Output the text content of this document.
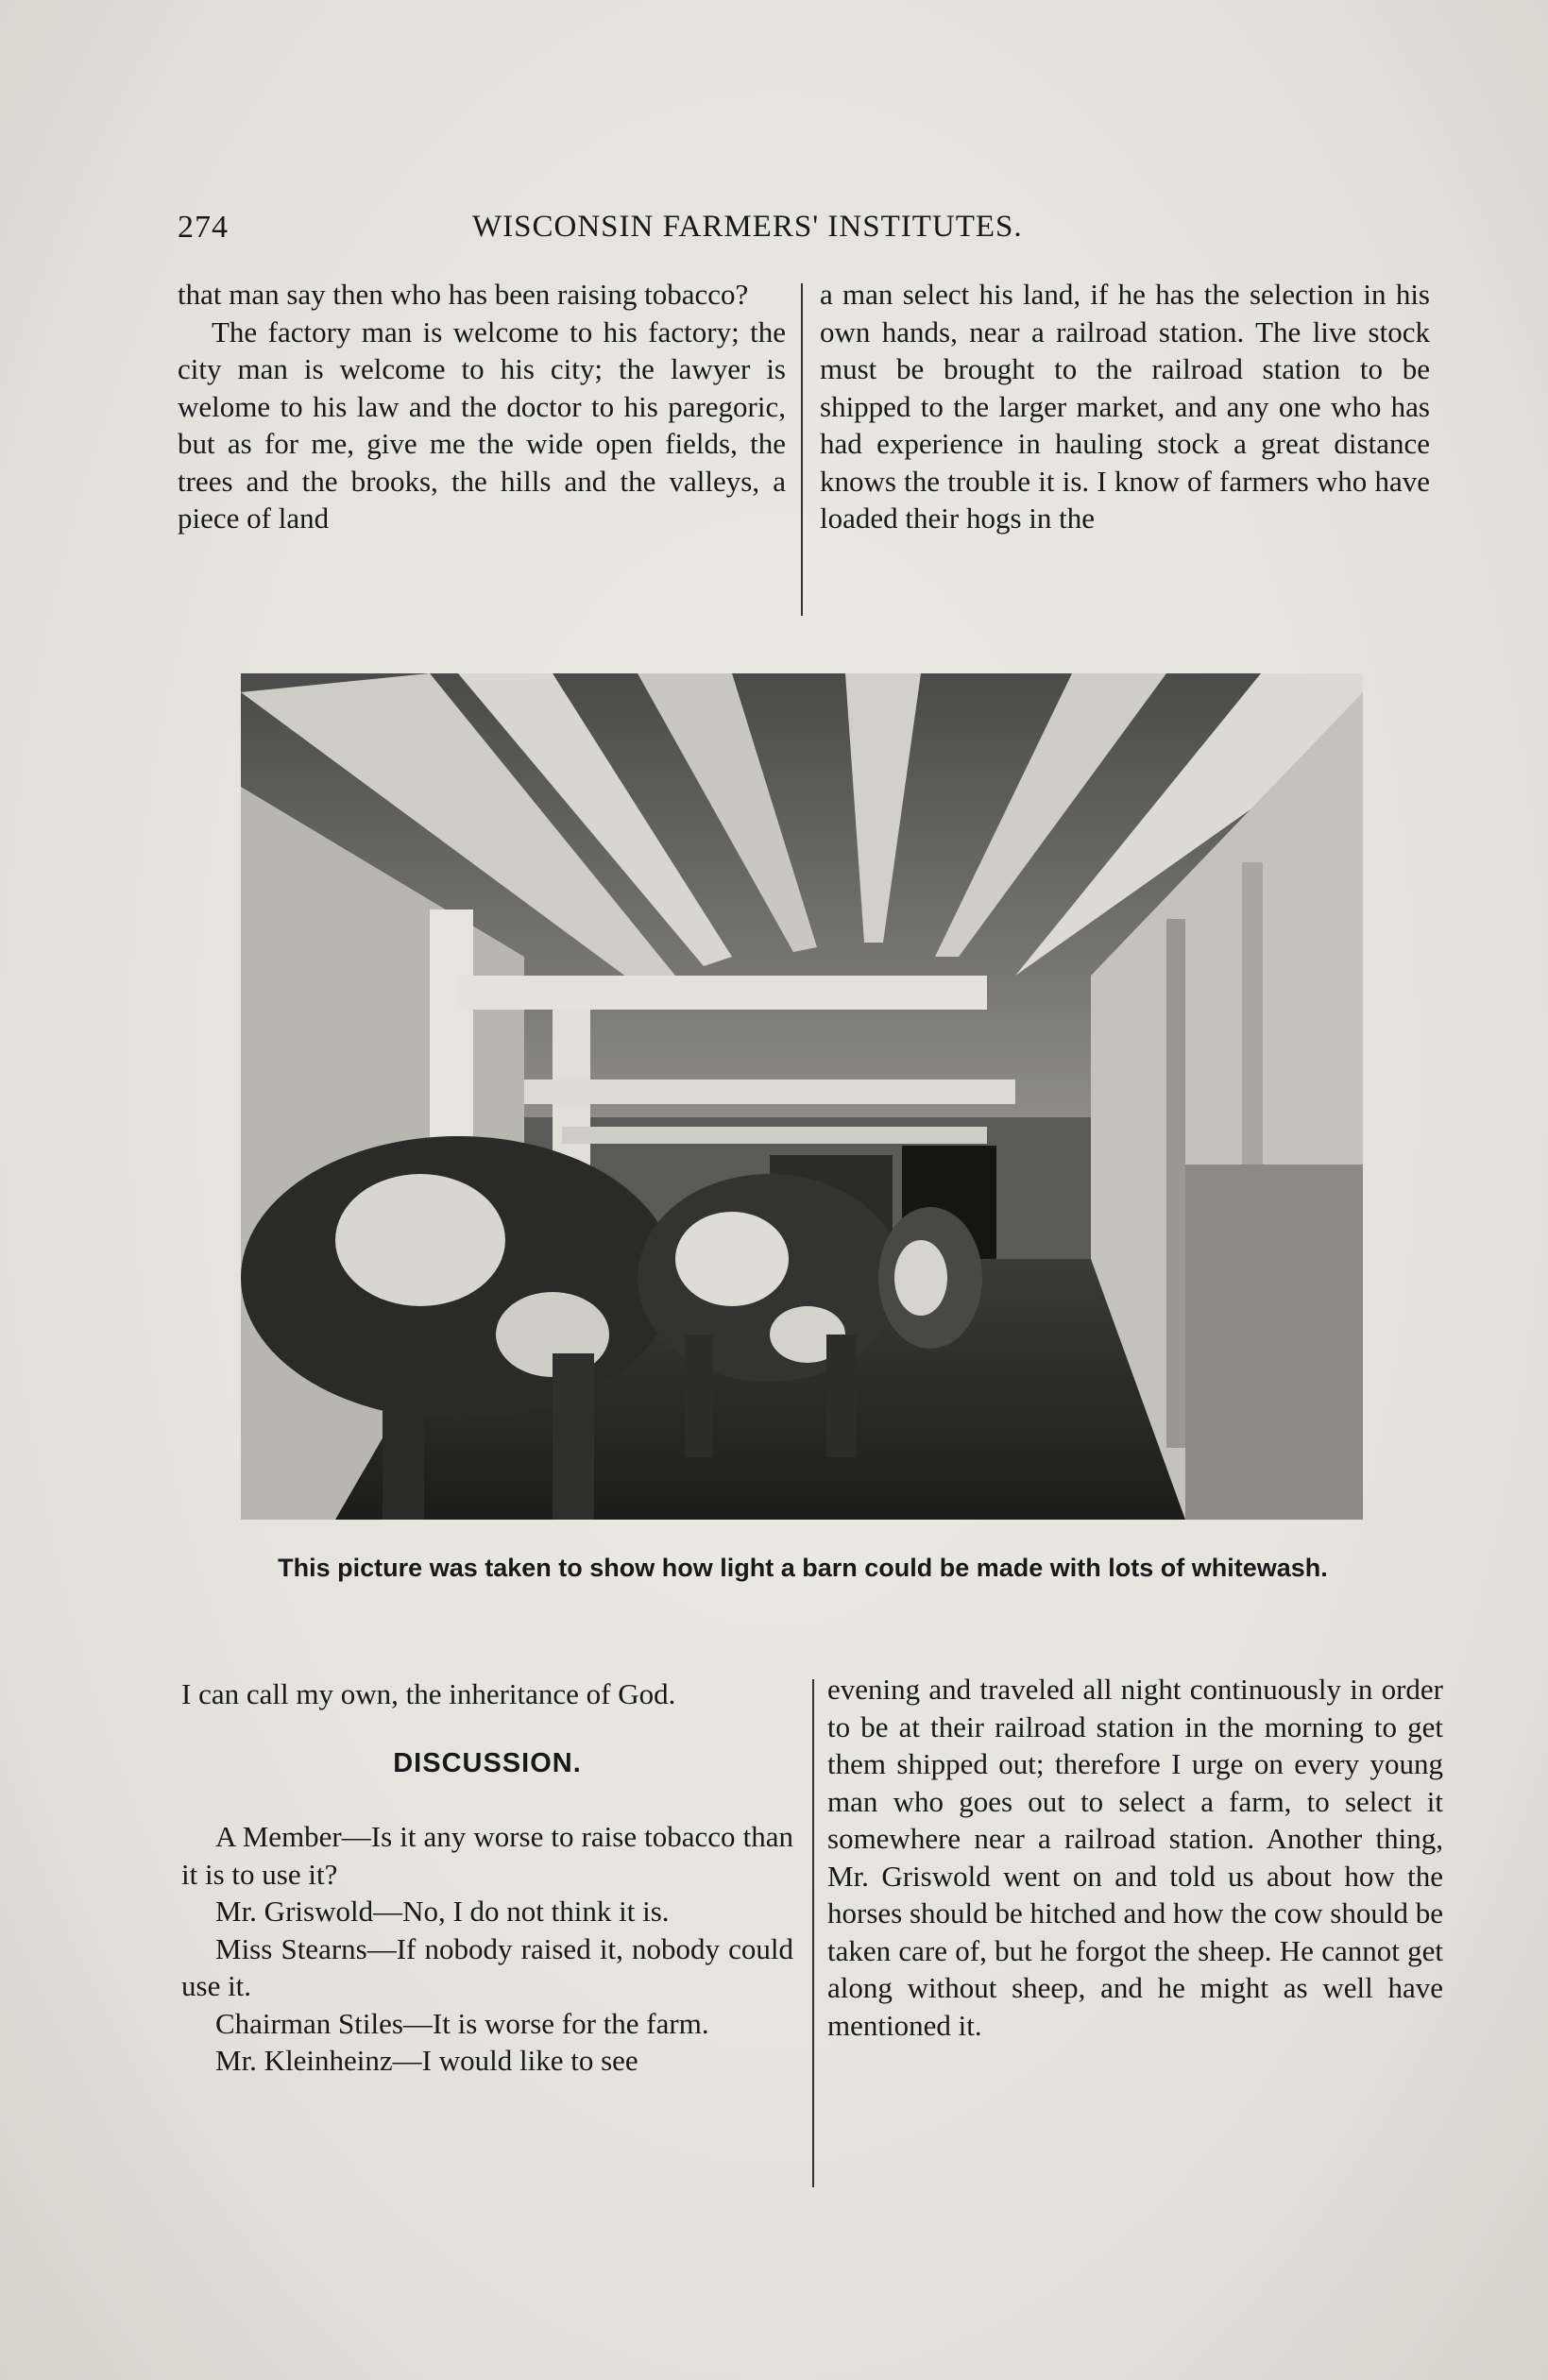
274	WISCONSIN FARMERS' INSTITUTES.

that man say then who has been raising tobacco?

The factory man is welcome to his factory; the city man is welcome to his city; the lawyer is welome to his law and the doctor to his paregoric, but as for me, give me the wide open fields, the trees and the brooks, the hills and the valleys, a piece of land

a man select his land, if he has the selection in his own hands, near a railroad station. The live stock must be brought to the railroad station to be shipped to the larger market, and any one who has had experience in hauling stock a great distance knows the trouble it is. I know of farmers who have loaded their hogs in the

This picture was taken to show how light a barn could be made with lots of whitewash.

I can call my own, the inheritance of God.

DISCUSSION.

A Member—Is it any worse to raise tobacco than it is to use it?

Mr. Griswold—No, I do not think it is.

Miss Stearns—If nobody raised it, nobody could use it.

Chairman Stiles—It is worse for the farm.

Mr. Kleinheinz—I would like to see

evening and traveled all night continuously in order to be at their railroad station in the morning to get them shipped out; therefore I urge on every young man who goes out to select a farm, to select it somewhere near a railroad station. Another thing, Mr. Griswold went on and told us about how the horses should be hitched and how the cow should be taken care of, but he forgot the sheep. He cannot get along without sheep, and he might as well have mentioned it.
